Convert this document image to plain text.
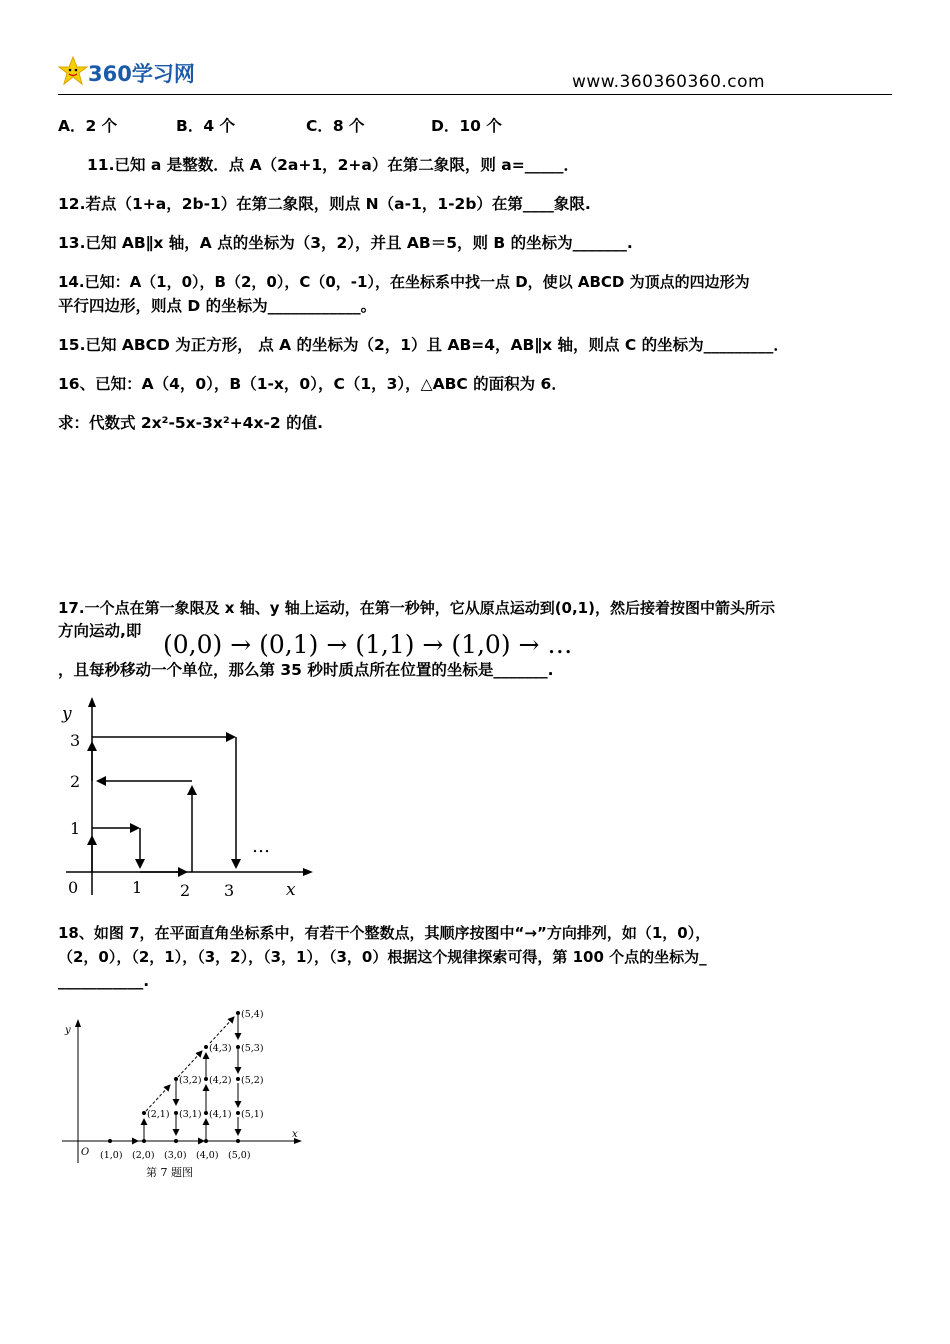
360学习网	www.360360360.com
A．2 个	B．4 个	C．8 个	D．10 个
11.已知 a 是整数．点 A（2a+1，2+a）在第二象限，则 a=_____．
12.若点（1+a，2b-1）在第二象限，则点 N（a-1，1-2b）在第____象限.
13.已知 AB∥x 轴，A 点的坐标为（3，2），并且 AB＝5，则 B 的坐标为_______.
14.已知：A（1，0），B（2，0），C（0，-1），在坐标系中找一点 D，使以 ABCD 为顶点的四边形为
平行四边形，则点 D 的坐标为____________。
15.已知 ABCD 为正方形， 点 A 的坐标为（2，1）且 AB=4，AB∥x 轴，则点 C 的坐标为_________．
16、已知：A（4，0），B（1-x，0），C（1，3），△ABC 的面积为 6．
求：代数式 2x²-5x-3x²+4x-2 的值.
17.一个点在第一象限及 x 轴、y 轴上运动，在第一秒钟，它从原点运动到(0,1)，然后接着按图中箭头所示
方向运动,即 (0,0) → (0,1) → (1,1) → (1,0) → …
，且每秒移动一个单位，那么第 35 秒时质点所在位置的坐标是_______.
y
x
0
1
2
3
1 2 3
…
18、如图 7，在平面直角坐标系中，有若干个整数点，其顺序按图中“→”方向排列，如（1，0），
（2，0），（2，1），（3，2），（3，1），（3，0）根据这个规律探索可得，第 100 个点的坐标为_
___________.
y
x
O (1,0) (2,0) (3,0) (4,0) (5,0)
(2,1) (3,1) (4,1) (5,1)
(3,2) (4,2) (5,2)
(4,3) (5,3)
(5,4)
第 7 题图
